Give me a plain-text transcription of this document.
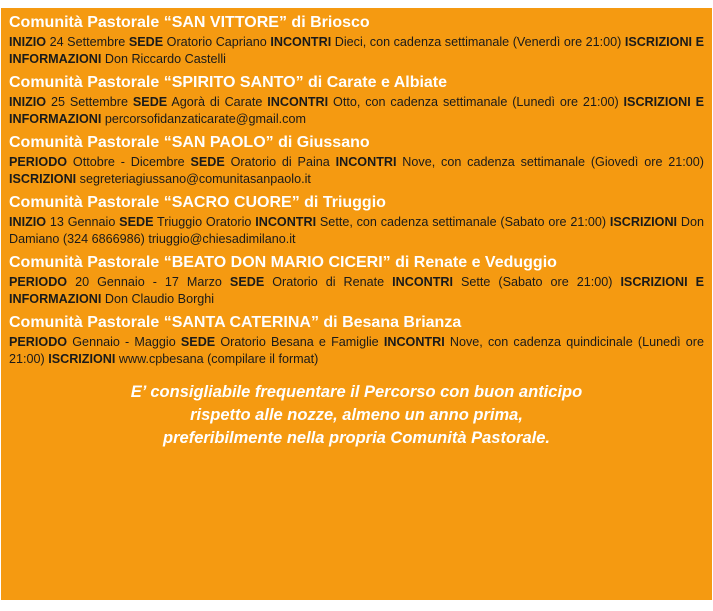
Comunità Pastorale “SAN VITTORE” di Briosco
INIZIO 24 Settembre SEDE Oratorio Capriano INCONTRI Dieci, con cadenza settimanale (Venerdì ore 21:00) ISCRIZIONI E INFORMAZIONI Don Riccardo Castelli
Comunità Pastorale “SPIRITO SANTO” di Carate e Albiate
INIZIO 25 Settembre SEDE Agorà di Carate INCONTRI Otto, con cadenza settimanale (Lunedì ore 21:00) ISCRIZIONI E INFORMAZIONI percorsofidanzaticarate@gmail.com
Comunità Pastorale “SAN PAOLO” di Giussano
PERIODO Ottobre - Dicembre SEDE Oratorio di Paina INCONTRI Nove, con cadenza settimanale (Giovedì ore 21:00) ISCRIZIONI segreteriagiussano@comunitasanpaolo.it
Comunità Pastorale “SACRO CUORE” di Triuggio
INIZIO 13 Gennaio SEDE Triuggio Oratorio INCONTRI Sette, con cadenza settimanale (Sabato ore 21:00) ISCRIZIONI Don Damiano (324 6866986) triuggio@chiesadimilano.it
Comunità Pastorale “BEATO DON MARIO CICERI” di Renate e Veduggio
PERIODO 20 Gennaio - 17 Marzo SEDE Oratorio di Renate INCONTRI Sette (Sabato ore 21:00) ISCRIZIONI E INFORMAZIONI Don Claudio Borghi
Comunità Pastorale “SANTA CATERINA” di Besana Brianza
PERIODO Gennaio - Maggio SEDE Oratorio Besana e Famiglie INCONTRI Nove, con cadenza quindicinale (Lunedì ore 21:00) ISCRIZIONI www.cpbesana (compilare il format)
E’ consigliabile frequentare il Percorso con buon anticipo
rispetto alle nozze, almeno un anno prima,
preferibilmente nella propria Comunità Pastorale.
